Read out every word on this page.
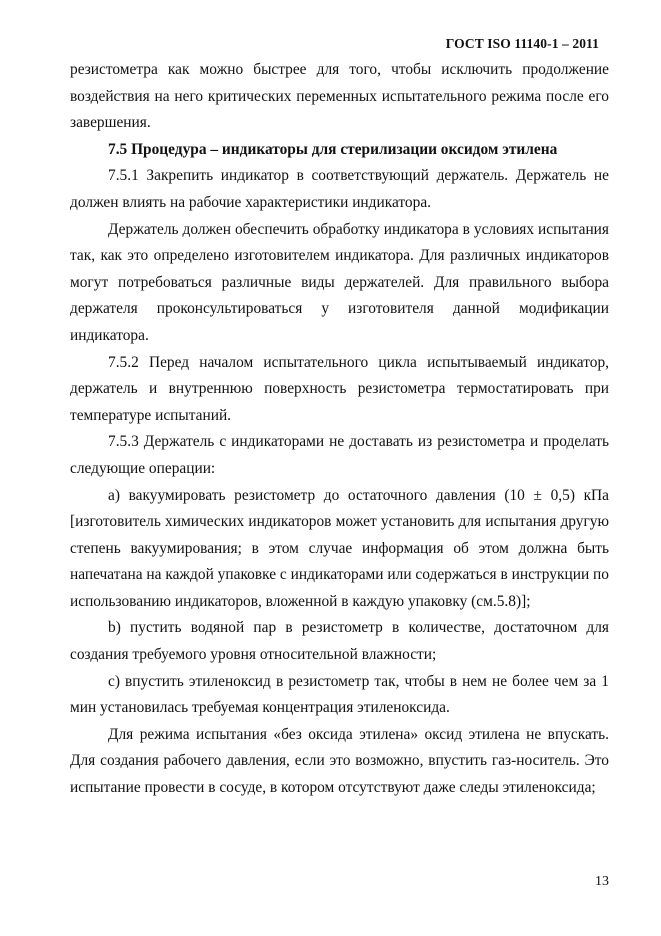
ГОСТ ISO 11140-1 – 2011

резистометра как можно быстрее для того, чтобы исключить продолжение воздействия на него критических переменных испытательного режима после его завершения.

7.5 Процедура – индикаторы для стерилизации оксидом этилена

7.5.1 Закрепить индикатор в соответствующий держатель. Держатель не должен влиять на рабочие характеристики индикатора.

Держатель должен обеспечить обработку индикатора в условиях испытания так, как это определено изготовителем индикатора. Для различных индикаторов могут потребоваться различные виды держателей. Для правильного выбора держателя проконсультироваться у изготовителя данной модификации индикатора.

7.5.2 Перед началом испытательного цикла испытываемый индикатор, держатель и внутреннюю поверхность резистометра термостатировать при температуре испытаний.

7.5.3 Держатель с индикаторами не доставать из резистометра и проделать следующие операции:

a) вакуумировать резистометр до остаточного давления (10 ± 0,5) кПа [изготовитель химических индикаторов может установить для испытания другую степень вакуумирования; в этом случае информация об этом должна быть напечатана на каждой упаковке с индикаторами или содержаться в инструкции по использованию индикаторов, вложенной в каждую упаковку (см.5.8)];

b) пустить водяной пар в резистометр в количестве, достаточном для создания требуемого уровня относительной влажности;

c) впустить этиленоксид в резистометр так, чтобы в нем не более чем за 1 мин установилась требуемая концентрация этиленоксида.

Для режима испытания «без оксида этилена» оксид этилена не впускать. Для создания рабочего давления, если это возможно, впустить газ-носитель. Это испытание провести в сосуде, в котором отсутствуют даже следы этиленоксида;

13
